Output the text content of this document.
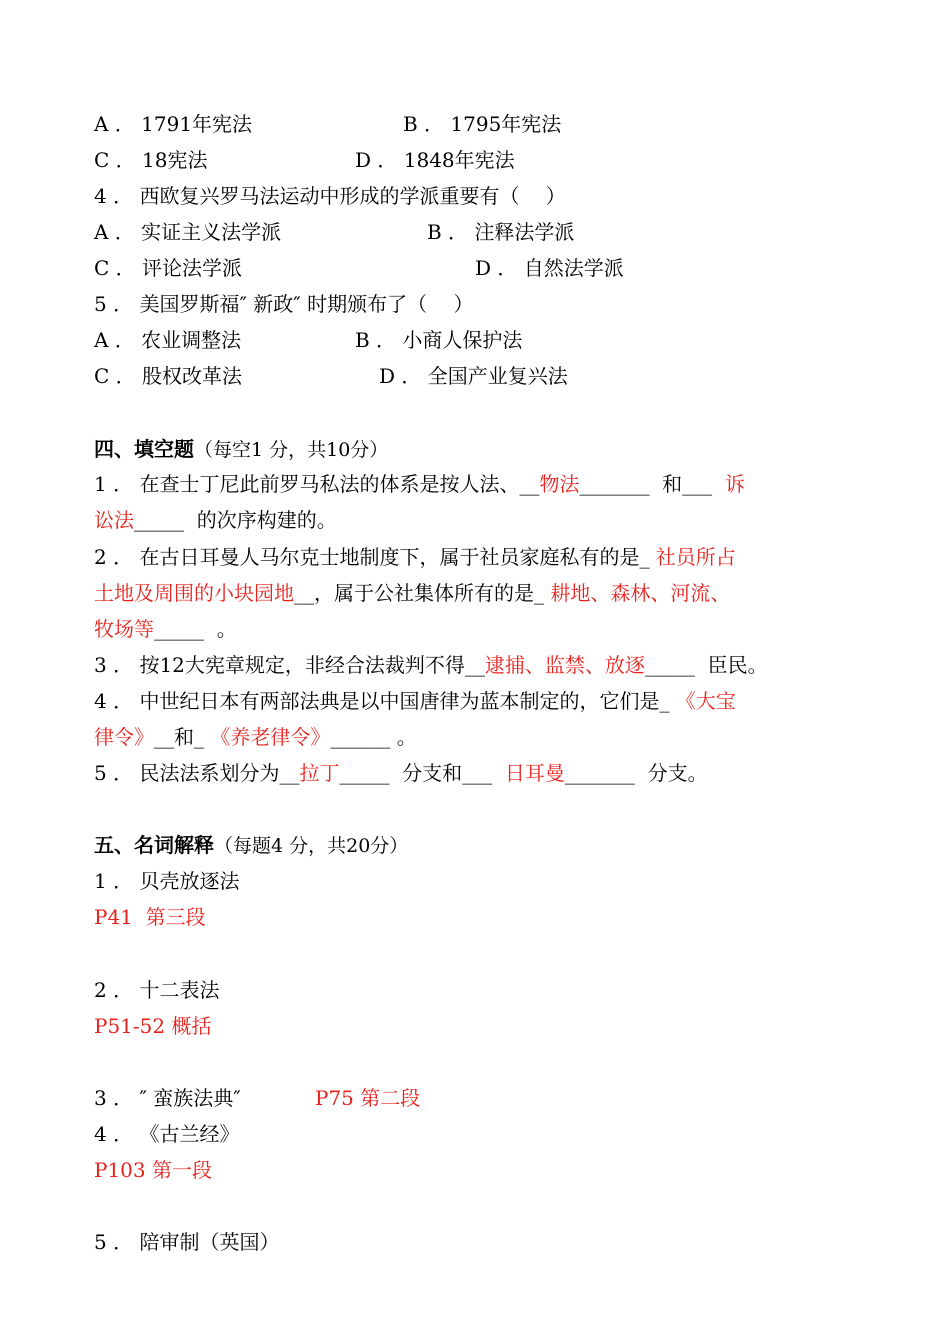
A ． 1791年宪法	B ． 1795年宪法
C ． 18宪法	D ． 1848年宪法
4 ． 西欧复兴罗马法运动中形成的学派重要有（　 ）
A ． 实证主义法学派	B ． 注释法学派
C ． 评论法学派	D ． 自然法学派
5 ． 美国罗斯福″ 新政″ 时期颁布了（　 ）
A ． 农业调整法	B ． 小商人保护法
C ． 股权改革法	D ． 全国产业复兴法
四、填空题（每空1 分，共10分）
1 ． 在查士丁尼此前罗马私法的体系是按人法、__物法_______  和___  诉
讼法_____  的次序构建的。
2 ． 在古日耳曼人马尔克士地制度下，属于社员家庭私有的是_ 社员所占
土地及周围的小块园地__，属于公社集体所有的是_ 耕地、森林、河流、
牧场等_____  。
3 ． 按12大宪章规定，非经合法裁判不得__逮捕、监禁、放逐_____  臣民。
4 ． 中世纪日本有两部法典是以中国唐律为蓝本制定的，它们是_ 《大宝
律令》__和_ 《养老律令》______ 。
5 ． 民法法系划分为__拉丁_____  分支和___  日耳曼_______  分支。
五、名词解释（每题4 分，共20分）
1 ． 贝壳放逐法
P41  第三段
2 ． 十二表法
P51-52 概括
3 ． ″ 蛮族法典″	P75 第二段
4 ． 《古兰经》
P103 第一段
5 ． 陪审制（英国）
